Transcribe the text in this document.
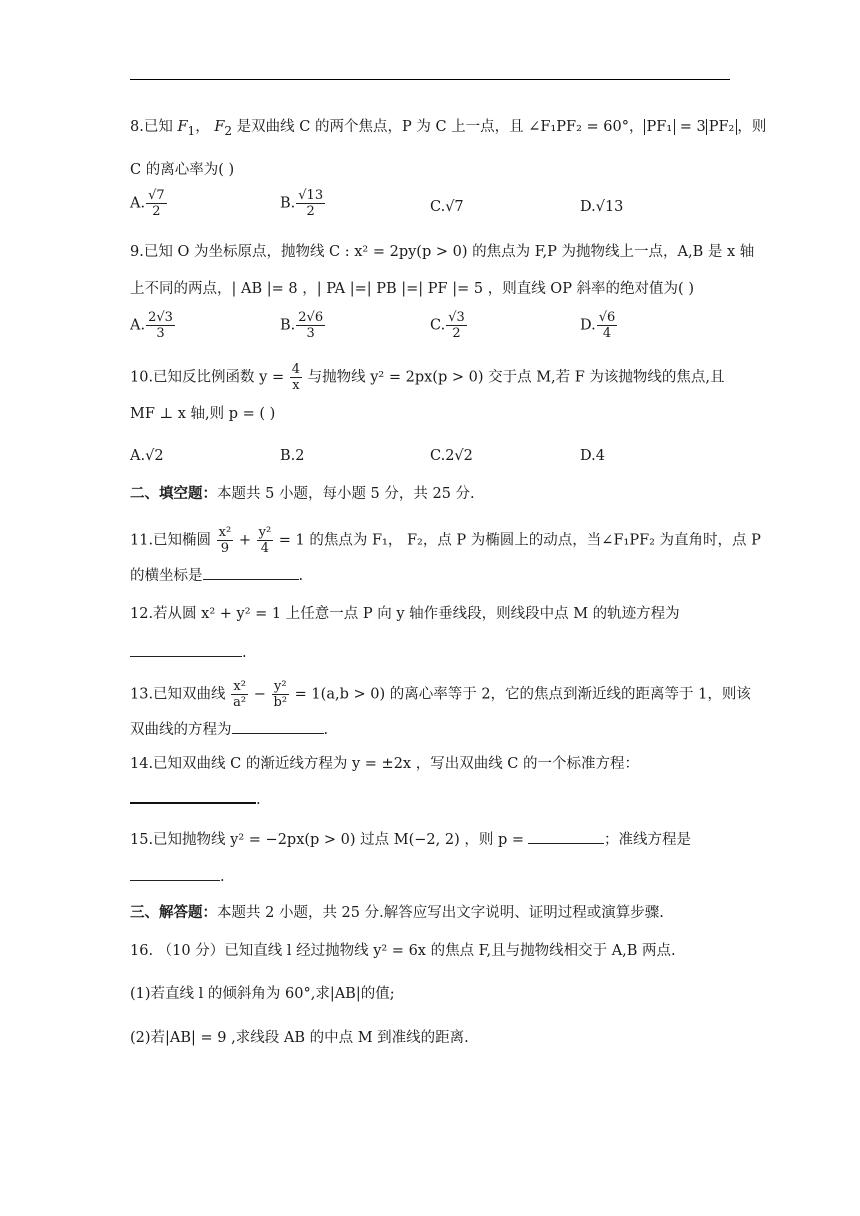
8.已知 $F_1$， $F_2$ 是双曲线 C 的两个焦点，P 为 C 上一点，且 ∠F₁PF₂ = 60°， PF₁ = 3 PF₂ ，则
C 的离心率为( )
A. $\frac{√7}{2}$	B. $\frac{√13}{2}$	C.√7	D.√13
9.已知 O 为坐标原点，抛物线 C : x² = 2py(p > 0) 的焦点为 F,P 为抛物线上一点，A,B 是 x 轴
上不同的两点，| AB |= 8 ，| PA |=| PB |=| PF |= 5 ，则直线 OP 斜率的绝对值为( )
A. $\frac{2√3}{3}$	B. $\frac{2√6}{3}$	C. $\frac{√3}{2}$	D. $\frac{√6}{4}$
10.已知反比例函数 $y = \frac{4}{x}$ 与抛物线 y² = 2px(p > 0) 交于点 M,若 F 为该抛物线的焦点,且
MF ⊥ x 轴,则 p = ( )
A.√2	B.2	C.2√2	D.4
二、填空题：本题共 5 小题，每小题 5 分，共 25 分.
11.已知椭圆 $\frac{\text{x²}}{9} + \frac{\text{y²}}{4} = 1$ 的焦点为 F₁， F₂，点 P 为椭圆上的动点，当∠F₁PF₂ 为直角时，点 P
的横坐标是	.
12.若从圆 x² + y² = 1 上任意一点 P 向 y 轴作垂线段，则线段中点 M 的轨迹方程为
.
13.已知双曲线 $\frac{\text{x²}}{\text{a²}} - \frac{\text{y²}}{\text{b²}} = 1(a,b > 0)$ 的离心率等于 2，它的焦点到渐近线的距离等于 1，则该
双曲线的方程为	.
14.已知双曲线 C 的渐近线方程为 y = ±2x ，写出双曲线 C 的一个标准方程：
.
15.已知抛物线 y² = −2px(p > 0) 过点 M(−2, 2) ，则 p =	；准线方程是
.
三、解答题：本题共 2 小题，共 25 分.解答应写出文字说明、证明过程或演算步骤.
16. （10 分）已知直线 l 经过抛物线 y² = 6x 的焦点 F,且与抛物线相交于 A,B 两点.
(1)若直线 l 的倾斜角为 60°,求|AB|的值;
(2)若|AB| = 9 ,求线段 AB 的中点 M 到准线的距离.
